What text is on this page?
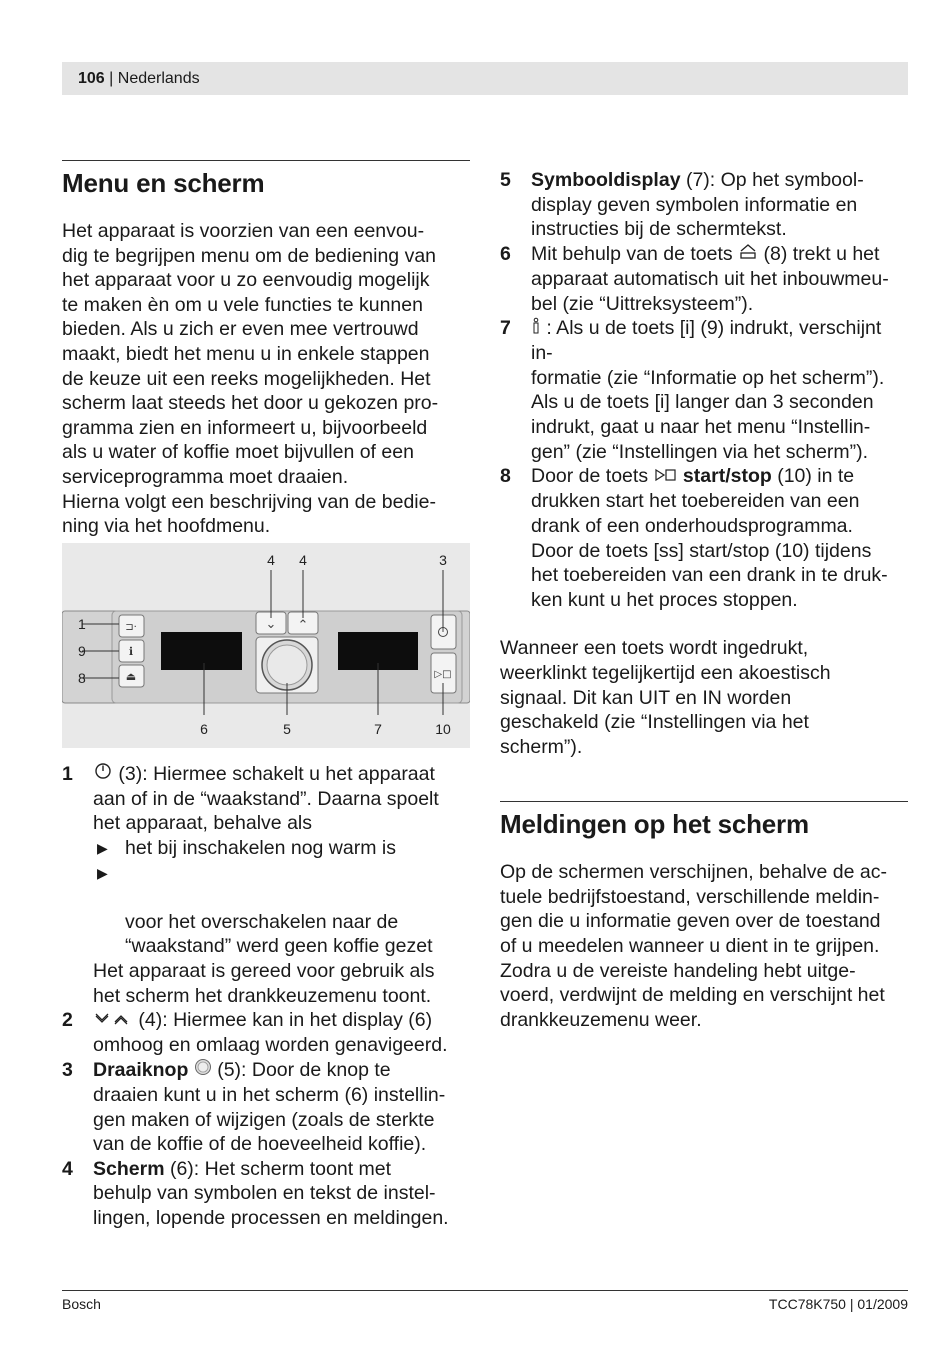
106 | Nederlands
Menu en scherm

Het apparaat is voorzien van een eenvou-
dig te begrijpen menu om de bediening van
het apparaat voor u zo eenvoudig mogelijk
te maken èn om u vele functies te kunnen
bieden. Als u zich er even mee vertrouwd
maakt, biedt het menu u in enkele stappen
de keuze uit een reeks mogelijkheden. Het
scherm laat steeds het door u gekozen pro-
gramma zien en informeert u, bijvoorbeeld
als u water of koffie moet bijvullen of een
serviceprogramma moet draaien.
Hierna volgt een beschrijving van de bedie-
ning via het hoofdmenu.

⊐·
ℹ
⏏
⌄ ⌃
▷□
4 4	3
1
9
8
6	5	7	10
1 (3): Hiermee schakelt u het apparaat
aan of in de “waakstand”. Daarna spoelt
het apparaat, behalve als
▶ het bij inschakelen nog warm is

▶

voor het overschakelen naar de
“waakstand” werd geen koffie gezet

Het apparaat is gereed voor gebruik als
het scherm het drankkeuzemenu toont.
2	(4): Hiermee kan in het display (6)
omhoog en omlaag worden genavigeerd.
3 Draaiknop (5): Door de knop te
draaien kunt u in het scherm (6) instellin-
gen maken of wijzigen (zoals de sterkte
van de koffie of de hoeveelheid koffie).
4 Scherm (6): Het scherm toont met
behulp van symbolen en tekst de instel-
lingen, lopende processen en meldingen.
5 Symbooldisplay (7): Op het symbool-
display geven symbolen informatie en
instructies bij de schermtekst.
6 Mit behulp van de toets (8) trekt u het
apparaat automatisch uit het inbouwmeu-
bel (zie “Uittreksysteem”).
7 : Als u de toets [i] (9) indrukt, verschijnt in-
formatie (zie “Informatie op het scherm”).
Als u de toets [i] langer dan 3 seconden
indrukt, gaat u naar het menu “Instellin-
gen” (zie “Instellingen via het scherm”).
8 Door de toets start/stop (10) in te
drukken start het toebereiden van een
drank of een onderhoudsprogramma.
Door de toets [ss] start/stop (10) tijdens
het toebereiden van een drank in te druk-
ken kunt u het proces stoppen.

Wanneer een toets wordt ingedrukt,
weerklinkt tegelijkertijd een akoestisch
signaal. Dit kan UIT en IN worden
geschakeld (zie “Instellingen via het
scherm”).

Meldingen op het scherm

Op de schermen verschijnen, behalve de ac-
tuele bedrijfstoestand, verschillende meldin-
gen die u informatie geven over de toestand
of u meedelen wanneer u dient in te grijpen.
Zodra u de vereiste handeling hebt uitge-
voerd, verdwijnt de melding en verschijnt het
drankkeuzemenu weer.

Bosch	TCC78K750 | 01/2009
